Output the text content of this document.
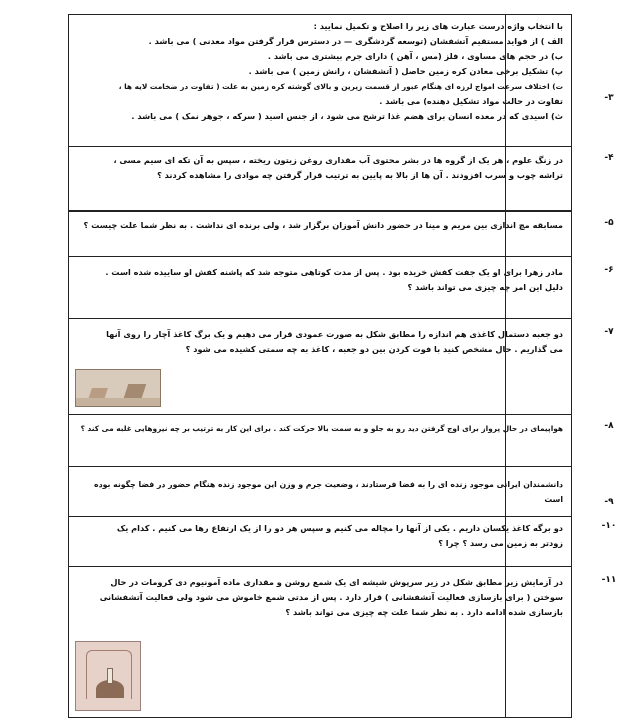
با انتخاب واژه درست عبارت های زیر را اصلاح و تکمیل نمایید :

الف ) از فواید مستقیم آتشفشان (توسعه گردشگری — در دسترس قرار گرفتن مواد معدنی ) می باشد .

ب) در حجم های مساوی ، فلز (مس ، آهن ) دارای جرم بیشتری می باشد .

پ) تشکیل برخی معادن کره زمین حاصل ( آتشفشان ، رانش زمین ) می باشد .

ت) اختلاف سرعت امواج لرزه ای هنگام عبور از قسمت زیرین و بالای گوشته کره زمین به علت ( تفاوت در ضخامت لایه ها ،

تفاوت در حالت مواد تشکیل دهنده) می باشد .

ث) اسیدی که در معده انسان برای هضم غذا ترشح می شود ، از جنس اسید ( سرکه ، جوهر نمک ) می باشد .

-۳

در زنگ علوم ، هر یک از گروه ها در بشر محتوی آب مقداری روغن زیتون ریخته ، سپس به آن تکه ای سیم مسی ،

تراشه چوب و سرب افزودند . آن ها از بالا به پایین به ترتیب قرار گرفتن چه موادی را مشاهده کردند ؟

-۴

مسابقه مچ اندازی بین مریم و مینا در حضور دانش آموزان برگزار شد ، ولی برنده ای نداشت . به نظر شما علت چیست ؟	-۵

مادر زهرا برای او یک جفت کفش خریده بود . پس از مدت کوتاهی متوجه شد که پاشنه کفش او ساییده شده است .

دلیل این امر چه چیزی می تواند باشد ؟

-۶

دو جعبه دستمال کاغذی هم اندازه را مطابق شکل به صورت عمودی قرار می دهیم و یک برگ کاغذ آچار را روی آنها

می گذاریم . حال مشخص کنید با فوت کردن بین دو جعبه ، کاغذ به چه سمتی کشیده می شود ؟

-۷

هواپیمای در حال پرواز برای اوج گرفتن دید رو به جلو و به سمت بالا حرکت کند . برای این کار به ترتیب بر چه نیروهایی غلبه می کند ؟	-۸

دانشمندان ایرانی موجود زنده ای را به فضا فرستادند ، وضعیت جرم و وزن این موجود زنده هنگام حضور در فضا چگونه بوده است	-۹

دو برگه کاغذ یکسان داریم . یکی از آنها را مچاله می کنیم و سپس هر دو را از یک ارتفاع رها می کنیم . کدام یک

زودتر به زمین می رسد ؟ چرا ؟

-۱۰

در آزمایش زیر مطابق شکل در زیر سرپوش شیشه ای یک شمع روشن و مقداری ماده آمونیوم دی کرومات در حال

سوختن ( برای بازسازی فعالیت آتشفشانی ) قرار دارد . پس از مدتی شمع خاموش می شود ولی فعالیت آتشفشانی

بازسازی شده ادامه دارد . به نظر شما علت چه چیزی می تواند باشد ؟

-۱۱
